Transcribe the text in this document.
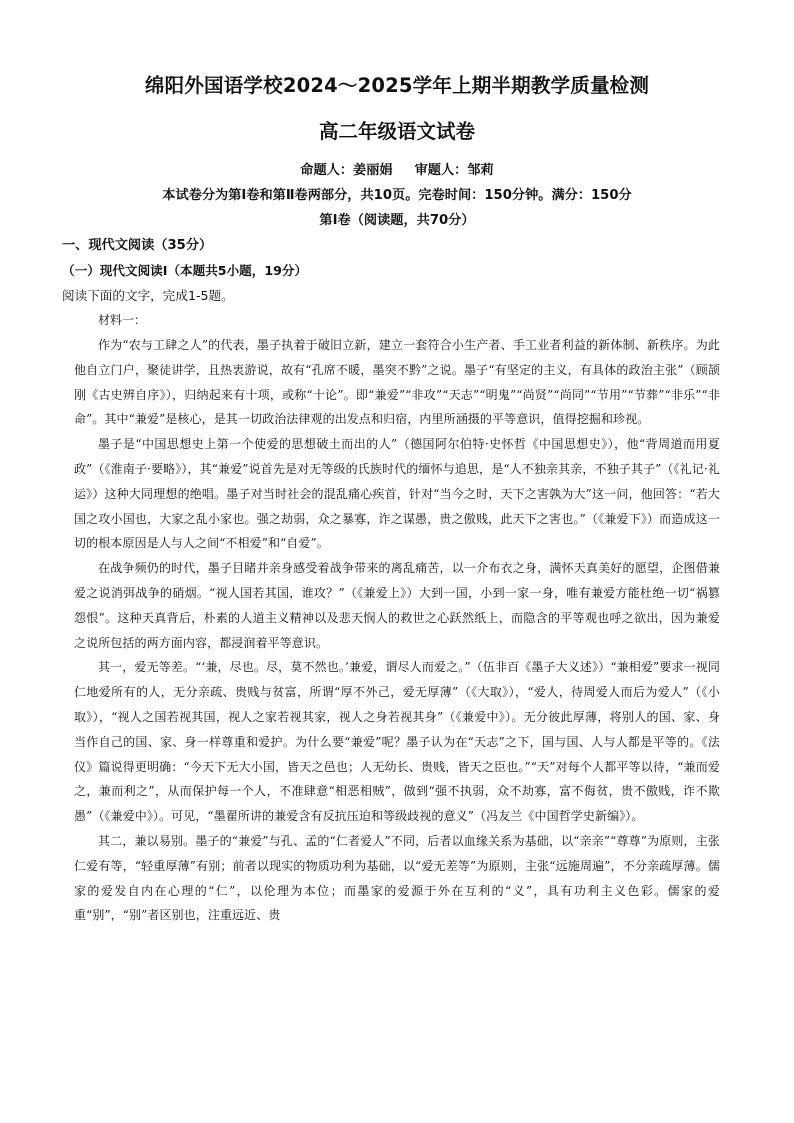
绵阳外国语学校2024～2025学年上期半期教学质量检测
高二年级语文试卷
命题人：姜丽娟 审题人：邹莉
本试卷分为第Ⅰ卷和第Ⅱ卷两部分，共10页。完卷时间：150分钟。满分：150分
第Ⅰ卷（阅读题，共70分）
一、现代文阅读（35分）
（一）现代文阅读Ⅰ（本题共5小题，19分）
阅读下面的文字，完成1-5题。
材料一：

作为“农与工肆之人”的代表，墨子执着于破旧立新，建立一套符合小生产者、手工业者利益的新体制、新秩序。为此他自立门户，聚徒讲学，且热衷游说，故有“孔席不暖，墨突不黔”之说。墨子“有坚定的主义，有具体的政治主张”（顾颉刚《古史辨自序》），归纳起来有十项，或称“十论”。即“兼爱”“非攻”“天志”“明鬼”“尚贤”“尚同”“节用”“节葬”“非乐”“非命”。其中“兼爱”是核心，是其一切政治法律观的出发点和归宿，内里所涵摄的平等意识，值得挖掘和珍视。

墨子是“中国思想史上第一个使爱的思想破土而出的人”（德国阿尔伯特·史怀哲《中国思想史》），他“背周道而用夏政”（《淮南子·要略》），其“兼爱”说首先是对无等级的氏族时代的缅怀与追思，是“人不独亲其亲，不独子其子”（《礼记·礼运》）这种大同理想的绝唱。墨子对当时社会的混乱痛心疾首，针对“当今之时，天下之害孰为大”这一问，他回答：“若大国之攻小国也，大家之乱小家也。强之劫弱，众之暴寡，诈之谋愚，贵之傲贱，此天下之害也。”（《兼爱下》）而造成这一切的根本原因是人与人之间“不相爱”和“自爱”。

在战争频仍的时代，墨子目睹并亲身感受着战争带来的离乱痛苦，以一介布衣之身，满怀天真美好的愿望，企图借兼爱之说消弭战争的硝烟。“视人国若其国，谁攻？”（《兼爱上》）大到一国，小到一家一身，唯有兼爱方能杜绝一切“祸篡怨恨”。这种天真背后，朴素的人道主义精神以及悲天悯人的救世之心跃然纸上，而隐含的平等观也呼之欲出，因为兼爱之说所包括的两方面内容，都浸润着平等意识。

其一，爱无等差。“‘兼，尽也。尽，莫不然也。’兼爱，谓尽人而爱之。”（伍非百《墨子大义述》）“兼相爱”要求一视同仁地爱所有的人，无分亲疏、贵贱与贫富，所谓“厚不外己，爱无厚薄”（《大取》），“爱人，待周爱人而后为爱人”（《小取》），“视人之国若视其国，视人之家若视其家，视人之身若视其身”（《兼爱中》）。无分彼此厚薄，将别人的国、家、身当作自己的国、家、身一样尊重和爱护。为什么要“兼爱”呢？墨子认为在“天志”之下，国与国、人与人都是平等的。《法仪》篇说得更明确：“今天下无大小国，皆天之邑也；人无幼长、贵贱，皆天之臣也。”“天”对每个人都平等以待，“兼而爱之，兼而利之”，从而保护每一个人，不准肆意“相恶相贼”，做到“强不执弱，众不劫寡，富不侮贫，贵不傲贱，诈不欺愚”（《兼爱中》）。可见，“墨翟所讲的兼爱含有反抗压迫和等级歧视的意义”（冯友兰《中国哲学史新编》）。

其二，兼以易别。墨子的“兼爱”与孔、孟的“仁者爱人”不同，后者以血缘关系为基础，以“亲亲”“尊尊”为原则，主张仁爱有等，“轻重厚薄”有别；前者以现实的物质功利为基础，以“爱无差等”为原则，主张“远施周遍”，不分亲疏厚薄。儒家的爱发自内在心理的“仁”，以伦理为本位；而墨家的爱源于外在互利的“义”，具有功利主义色彩。儒家的爱重“别”，“别”者区别也，注重远近、贵
